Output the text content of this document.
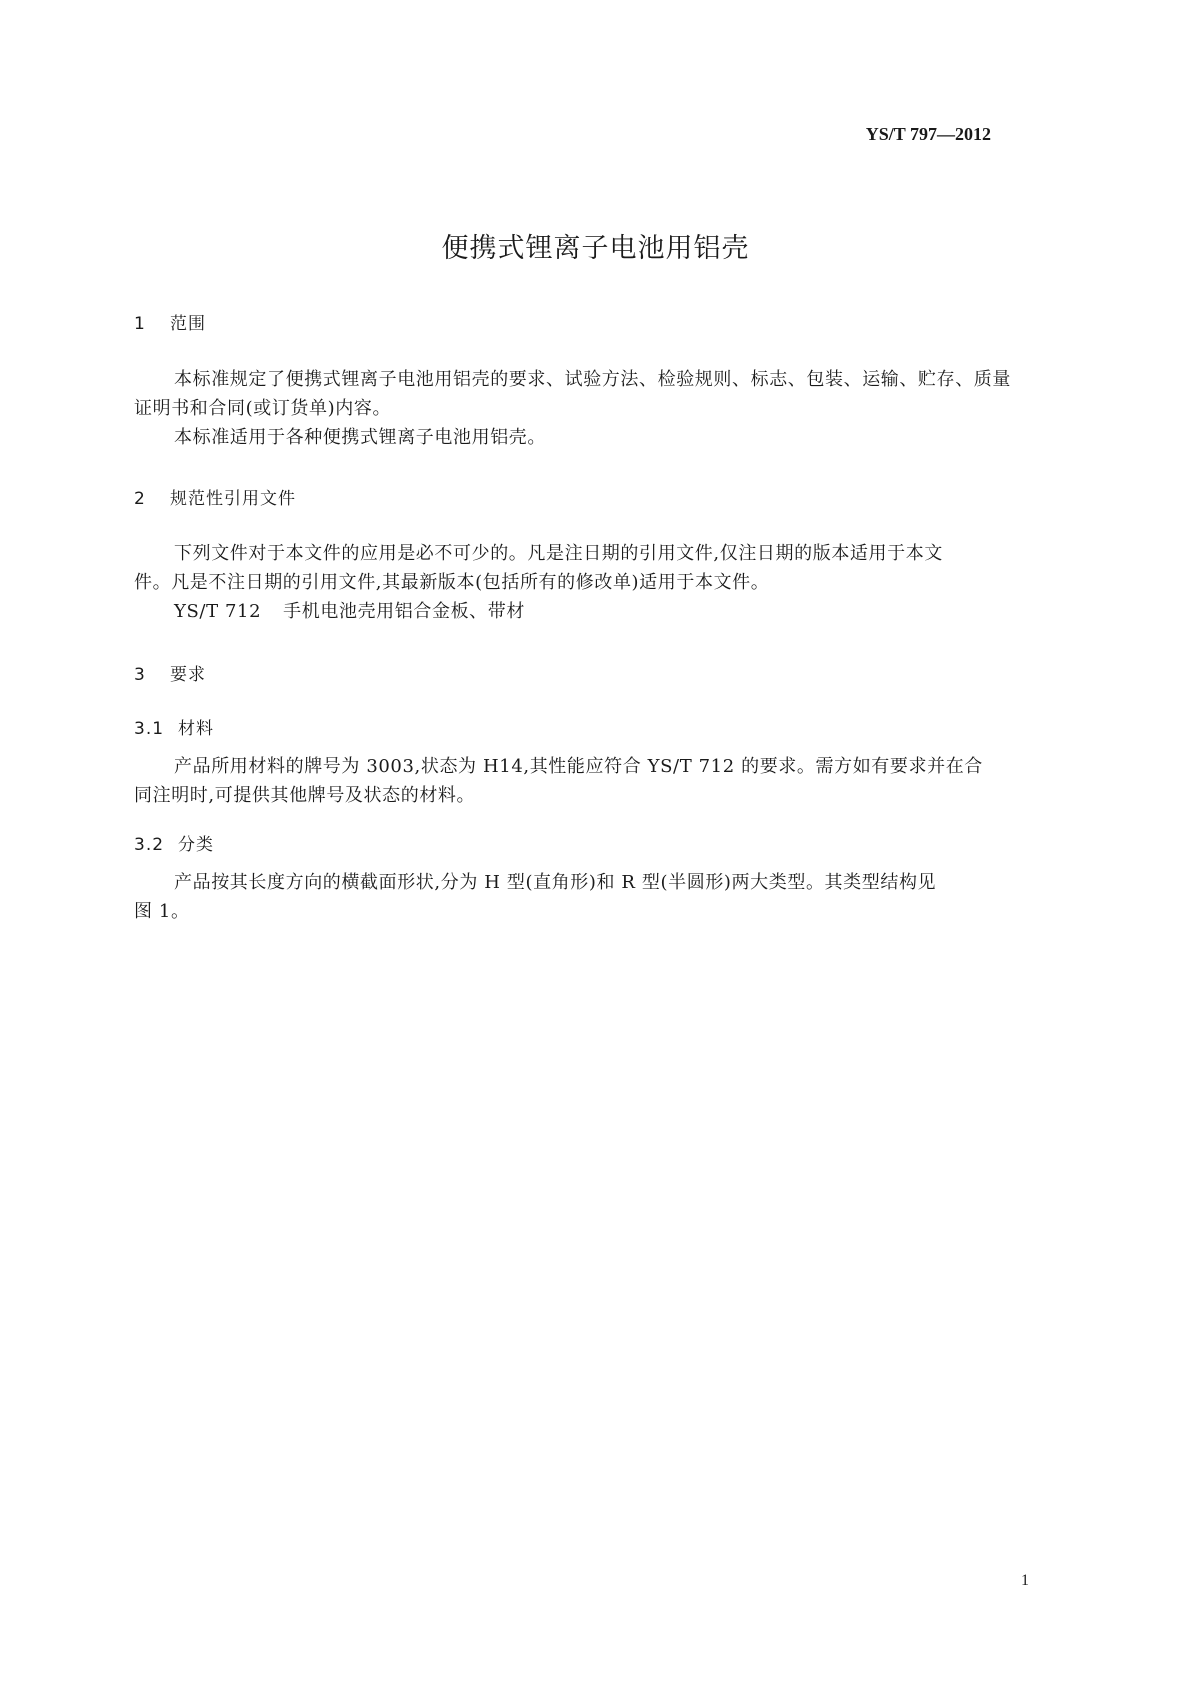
YS/T 797—2012
便携式锂离子电池用铝壳
1 范围

本标准规定了便携式锂离子电池用铝壳的要求、试验方法、检验规则、标志、包装、运输、贮存、质量

证明书和合同(或订货单)内容。

本标准适用于各种便携式锂离子电池用铝壳。

2 规范性引用文件

下列文件对于本文件的应用是必不可少的。凡是注日期的引用文件,仅注日期的版本适用于本文

件。凡是不注日期的引用文件,其最新版本(包括所有的修改单)适用于本文件。

YS/T 712 手机电池壳用铝合金板、带材

3 要求
3.1 材料

产品所用材料的牌号为 3003,状态为 H14,其性能应符合 YS/T 712 的要求。需方如有要求并在合

同注明时,可提供其他牌号及状态的材料。

3.2 分类

产品按其长度方向的横截面形状,分为 H 型(直角形)和 R 型(半圆形)两大类型。其类型结构见

图 1。

1
